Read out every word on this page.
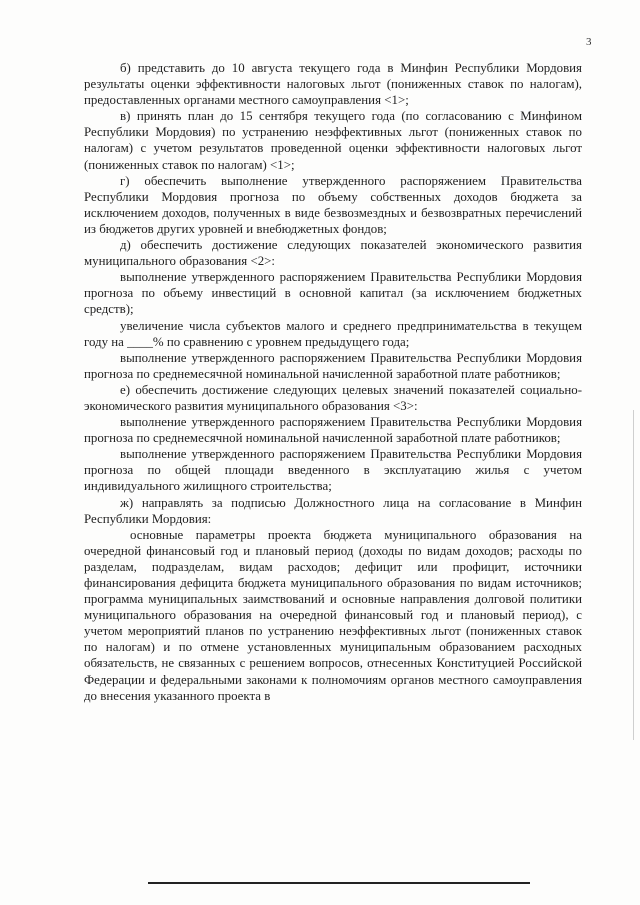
3

б) представить до 10 августа текущего года в Минфин Республики Мордовия результаты оценки эффективности налоговых льгот (пониженных ставок по налогам), предоставленных органами местного самоуправления <1>;

в) принять план до 15 сентября текущего года (по согласованию с Минфином Республики Мордовия) по устранению неэффективных льгот (пониженных ставок по налогам) с учетом результатов проведенной оценки эффективности налоговых льгот (пониженных ставок по налогам) <1>;

г) обеспечить выполнение утвержденного распоряжением Правительства Республики Мордовия прогноза по объему собственных доходов бюджета за исключением доходов, полученных в виде безвозмездных и безвозвратных перечислений из бюджетов других уровней и внебюджетных фондов;

д) обеспечить достижение следующих показателей экономического развития муниципального образования <2>:

выполнение утвержденного распоряжением Правительства Республики Мордовия прогноза по объему инвестиций в основной капитал (за исключением бюджетных средств);

увеличение числа субъектов малого и среднего предпринимательства в текущем году на ____% по сравнению с уровнем предыдущего года;

выполнение утвержденного распоряжением Правительства Республики Мордовия прогноза по среднемесячной номинальной начисленной заработной плате работников;

е) обеспечить достижение следующих целевых значений показателей социально-экономического развития муниципального образования <3>:

выполнение утвержденного распоряжением Правительства Республики Мордовия прогноза по среднемесячной номинальной начисленной заработной плате работников;

выполнение утвержденного распоряжением Правительства Республики Мордовия прогноза по общей площади введенного в эксплуатацию жилья с учетом индивидуального жилищного строительства;

ж) направлять за подписью Должностного лица на согласование в Минфин Республики Мордовия:

основные параметры проекта бюджета муниципального образования на очередной финансовый год и плановый период (доходы по видам доходов; расходы по разделам, подразделам, видам расходов; дефицит или профицит, источники финансирования дефицита бюджета муниципального образования по видам источников; программа муниципальных заимствований и основные направления долговой политики муниципального образования на очередной финансовый год и плановый период), с учетом мероприятий планов по устранению неэффективных льгот (пониженных ставок по налогам) и по отмене установленных муниципальным образованием расходных обязательств, не связанных с решением вопросов, отнесенных Конституцией Российской Федерации и федеральными законами к полномочиям органов местного самоуправления до внесения указанного проекта в
